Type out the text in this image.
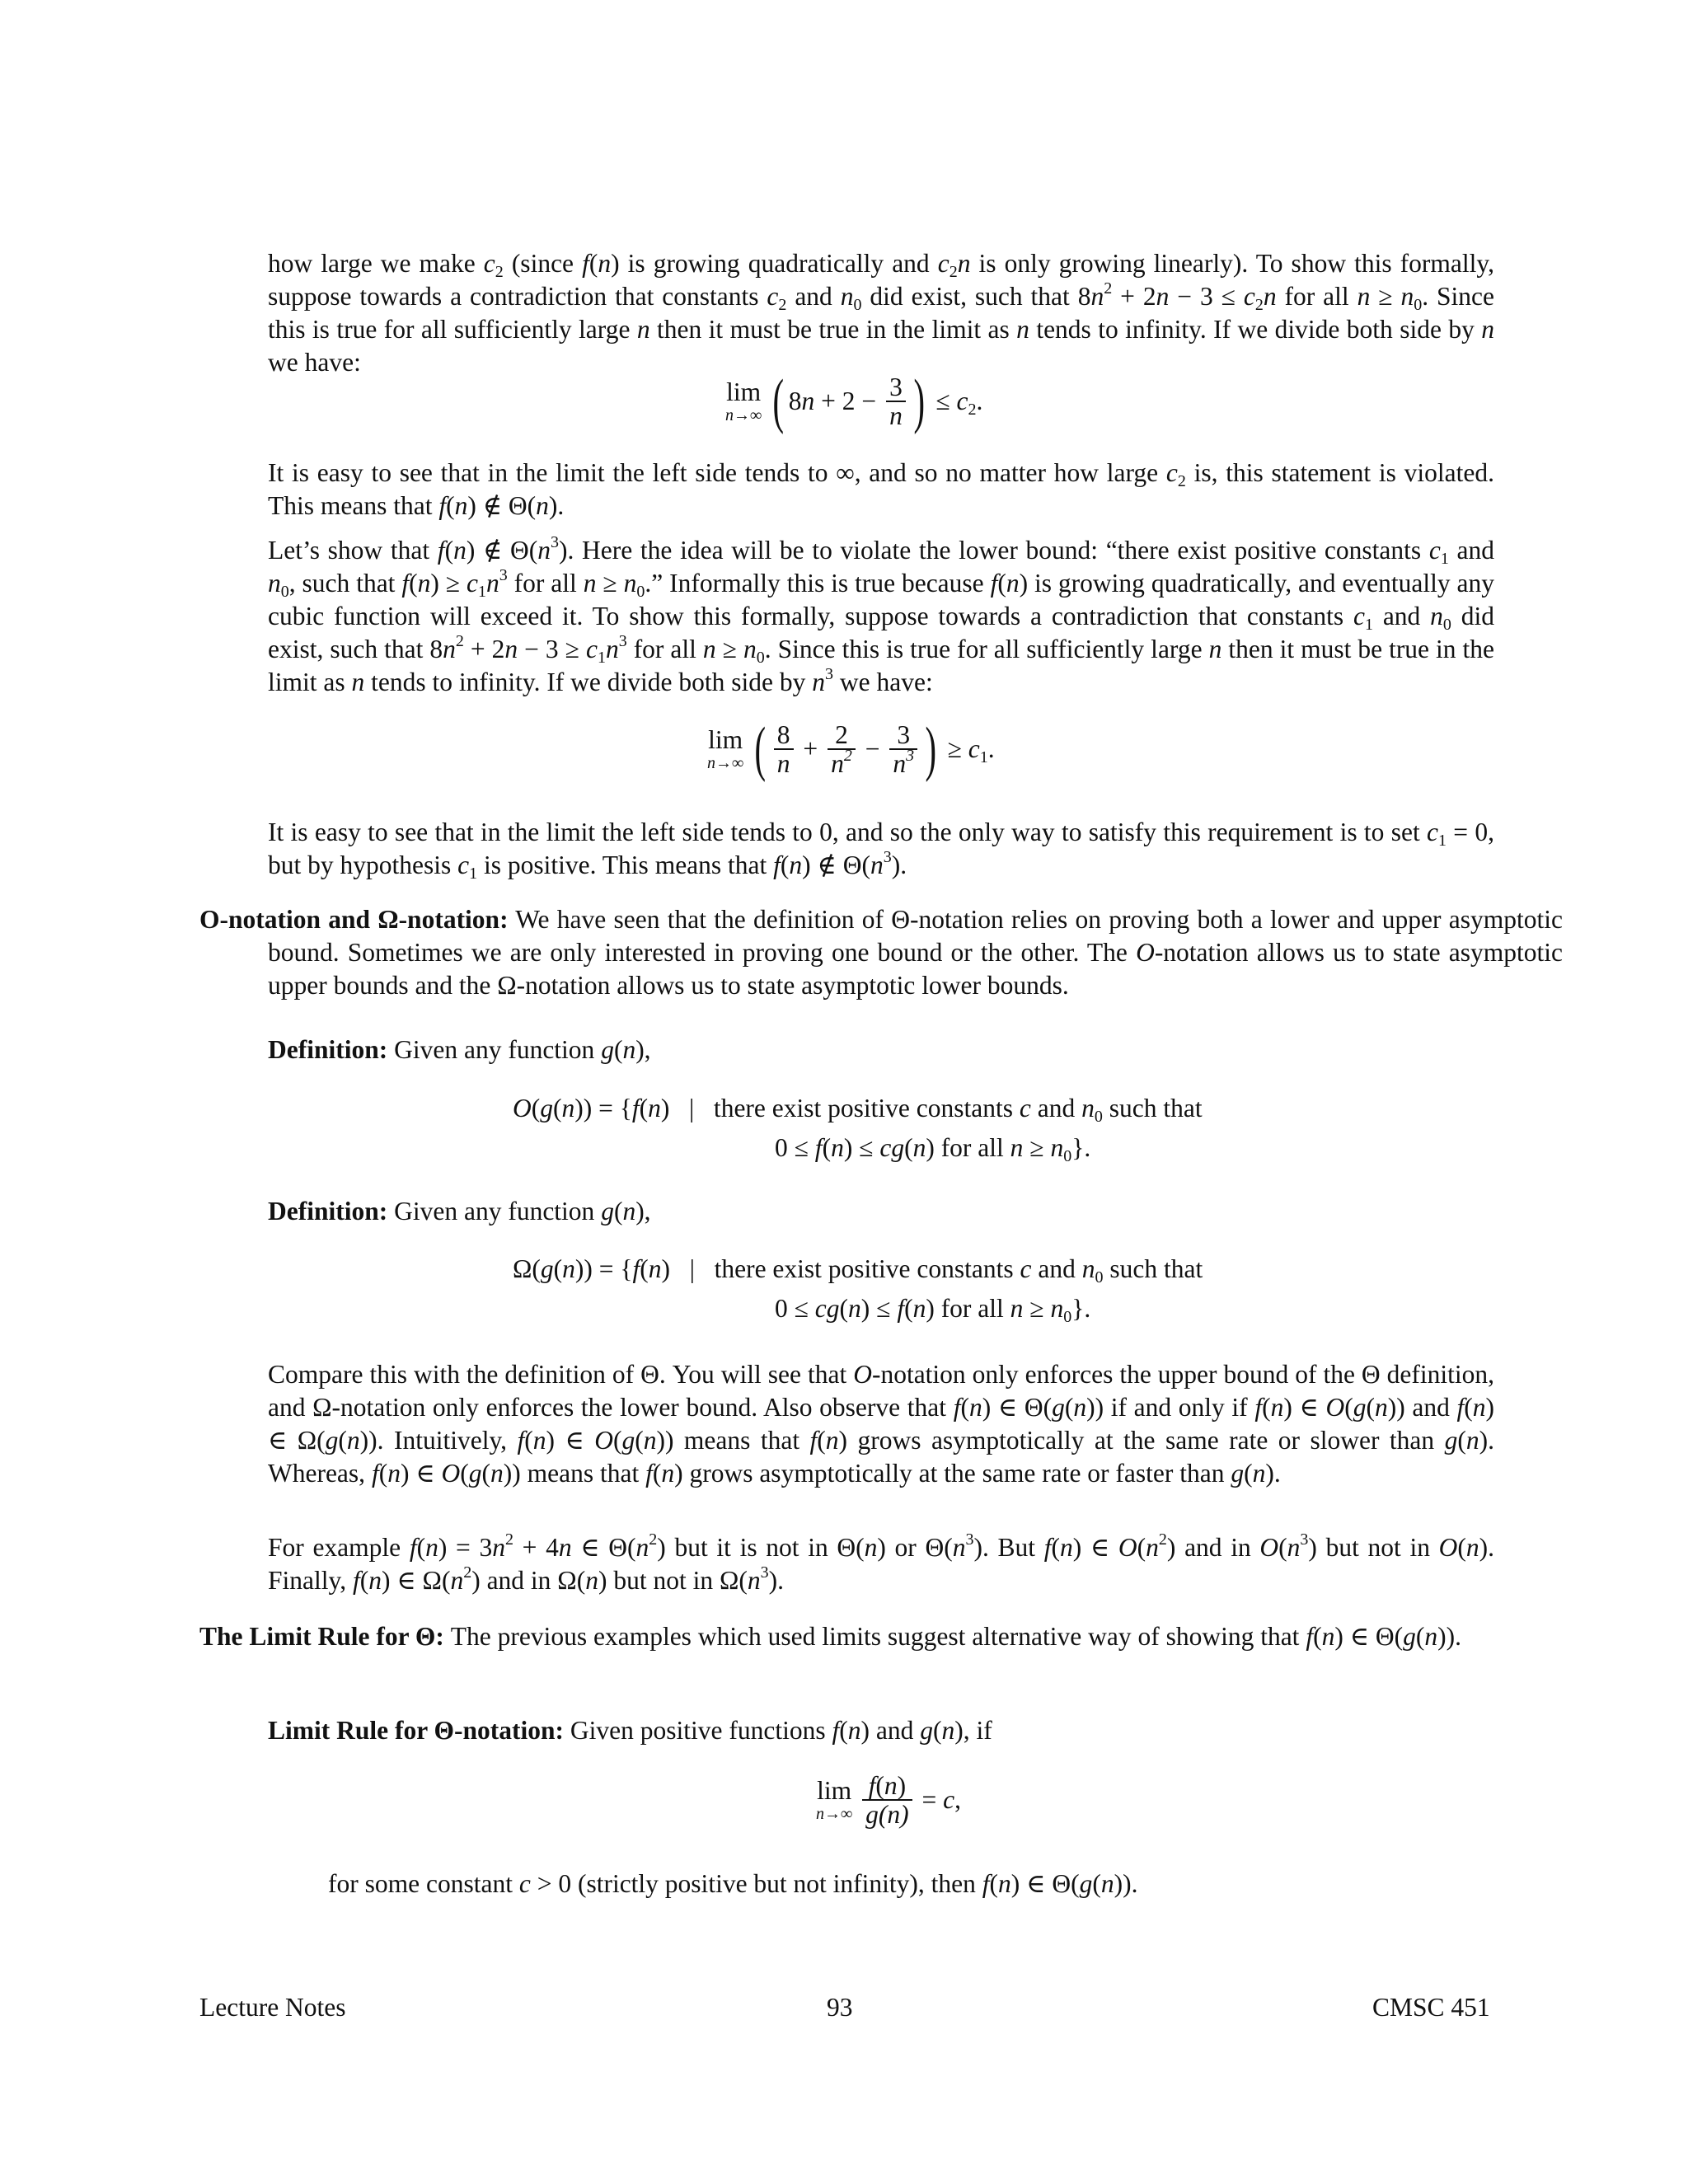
how large we make $c_2$ (since f(n) is growing quadratically and $c_2n$ is only growing linearly). To show this formally, suppose towards a contradiction that constants $c_2$ and $n_0$ did exist, such that $8n^2 + 2n - 3 \le c_2n$ for all $n \ge n_0$. Since this is true for all sufficiently large n then it must be true in the limit as n tends to infinity. If we divide both side by n we have:

lim
n→∞ ( $8n + 2 - \frac{3}{n}$ ) ≤ $c_2$.

It is easy to see that in the limit the left side tends to ∞, and so no matter how large $c_2$ is, this statement is violated. This means that f(n) ∉ Θ(n).

Let’s show that f(n) ∉ $\Theta(n^3)$. Here the idea will be to violate the lower bound: “there exist positive constants $c_1$ and $n_0$, such that $f(n) \ge c_1n^3$ for all $n \ge n_0$.” Informally this is true because f(n) is growing quadratically, and eventually any cubic function will exceed it. To show this formally, suppose towards a contradiction that constants $c_1$ and $n_0$ did exist, such that $8n^2 + 2n - 3 \ge c_1n^3$ for all $n \ge n_0$. Since this is true for all sufficiently large n then it must be true in the limit as n tends to infinity. If we divide both side by $n^3$ we have:

lim
n→∞ ( $\frac{8}{n} + \frac{2}{n^2} - \frac{3}{n^3}$ ) ≥ $c_1$.

It is easy to see that in the limit the left side tends to 0, and so the only way to satisfy this requirement is to set $c_1 = 0$, but by hypothesis $c_1$ is positive. This means that f(n) ∉ $\Theta(n^3)$.

O-notation and Ω-notation: We have seen that the definition of Θ-notation relies on proving both a lower and upper asymptotic bound. Sometimes we are only interested in proving one bound or the other. The O-notation allows us to state asymptotic upper bounds and the Ω-notation allows us to state asymptotic lower bounds.

Definition: Given any function g(n),

O(g(n)) = {f(n)   |   there exist positive constants c and $n_0$ such that
0 ≤ f(n) ≤ cg(n) for all $n \ge n_0$}.

Definition: Given any function g(n),

Ω(g(n)) = {f(n)   |   there exist positive constants c and $n_0$ such that
0 ≤ cg(n) ≤ f(n) for all $n \ge n_0$}.

Compare this with the definition of Θ. You will see that O-notation only enforces the upper bound of the Θ definition, and Ω-notation only enforces the lower bound. Also observe that f(n) ∈ Θ(g(n)) if and only if f(n) ∈ O(g(n)) and f(n) ∈ Ω(g(n)). Intuitively, f(n) ∈ O(g(n)) means that f(n) grows asymptotically at the same rate or slower than g(n). Whereas, f(n) ∈ O(g(n)) means that f(n) grows asymptotically at the same rate or faster than g(n).

For example $f(n) = 3n^2 + 4n$ ∈ $\Theta(n^2)$ but it is not in Θ(n) or $\Theta(n^3)$. But f(n) ∈ $O(n^2)$ and in $O(n^3)$ but not in O(n). Finally, f(n) ∈ $\Omega(n^2)$ and in Ω(n) but not in $\Omega(n^3)$.

The Limit Rule for Θ: The previous examples which used limits suggest alternative way of showing that f(n) ∈ Θ(g(n)).

Limit Rule for Θ-notation: Given positive functions f(n) and g(n), if

lim
n→∞
$\frac{f(n)}{g(n)} = c$,

for some constant c > 0 (strictly positive but not infinity), then f(n) ∈ Θ(g(n)).

Lecture Notes	93	CMSC 451
